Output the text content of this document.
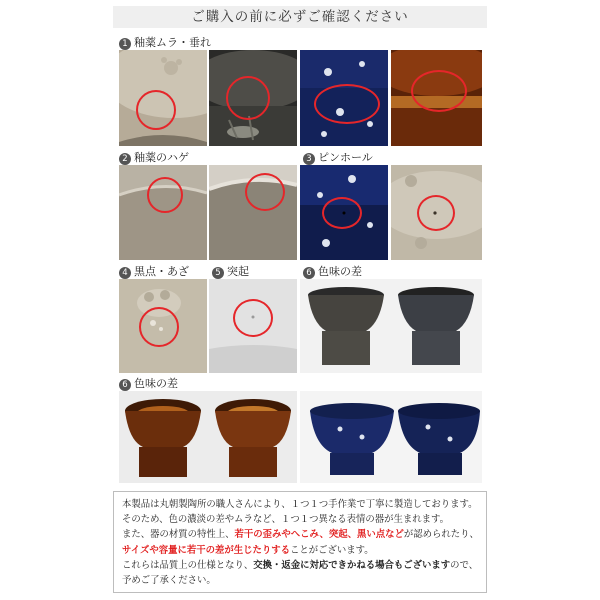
ご購入の前に必ずご確認ください
1 釉薬ムラ・垂れ
2 釉薬のハゲ	3 ピンホール
4 黒点・あざ	5 突起	6 色味の差
6 色味の差

本製品は丸朝製陶所の職人さんにより、１つ１つ手作業で丁寧に製造しております。

そのため、色の濃淡の差やムラなど、１つ１つ異なる表情の器が生まれます。

また、器の材質の特性上、若干の歪みやへこみ、突起、黒い点などが認められたり、

サイズや容量に若干の差が生じたりすることがございます。

これらは品質上の仕様となり、交換・返金に対応できかねる場合もございますので、

予めご了承ください。
